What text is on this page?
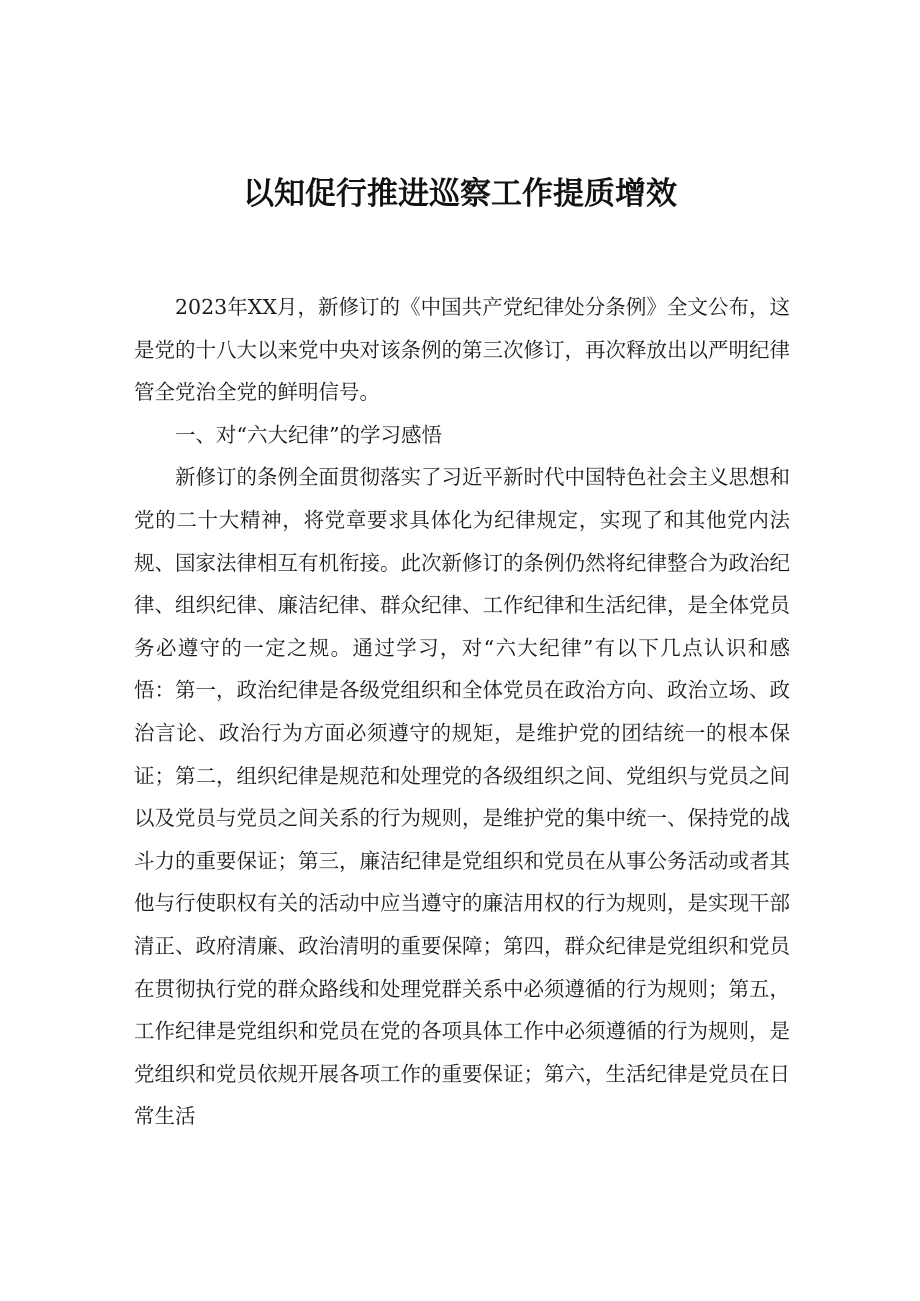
以知促行推进巡察工作提质增效

2023年XX月，新修订的《中国共产党纪律处分条例》全文公布，这是党的十八大以来党中央对该条例的第三次修订，再次释放出以严明纪律管全党治全党的鲜明信号。

一、对“六大纪律”的学习感悟

新修订的条例全面贯彻落实了习近平新时代中国特色社会主义思想和党的二十大精神，将党章要求具体化为纪律规定，实现了和其他党内法规、国家法律相互有机衔接。此次新修订的条例仍然将纪律整合为政治纪律、组织纪律、廉洁纪律、群众纪律、工作纪律和生活纪律，是全体党员务必遵守的一定之规。通过学习，对“六大纪律”有以下几点认识和感悟：第一，政治纪律是各级党组织和全体党员在政治方向、政治立场、政治言论、政治行为方面必须遵守的规矩，是维护党的团结统一的根本保证；第二，组织纪律是规范和处理党的各级组织之间、党组织与党员之间以及党员与党员之间关系的行为规则，是维护党的集中统一、保持党的战斗力的重要保证；第三，廉洁纪律是党组织和党员在从事公务活动或者其他与行使职权有关的活动中应当遵守的廉洁用权的行为规则，是实现干部清正、政府清廉、政治清明的重要保障；第四，群众纪律是党组织和党员在贯彻执行党的群众路线和处理党群关系中必须遵循的行为规则；第五，工作纪律是党组织和党员在党的各项具体工作中必须遵循的行为规则，是党组织和党员依规开展各项工作的重要保证；第六，生活纪律是党员在日常生活
